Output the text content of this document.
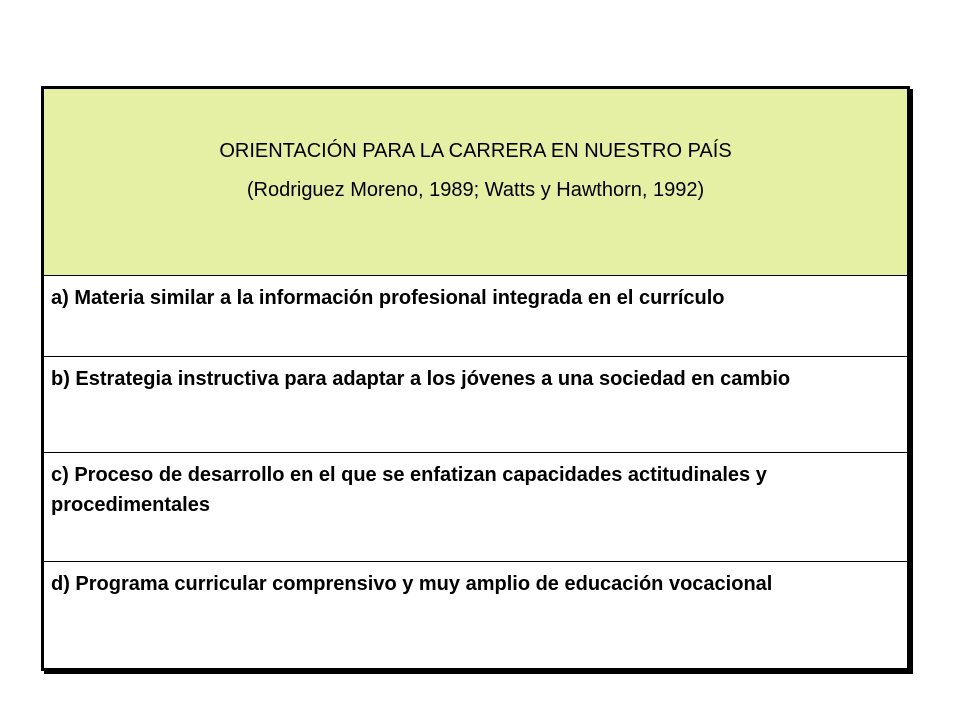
ORIENTACIÓN PARA LA CARRERA EN NUESTRO PAÍS
(Rodriguez Moreno, 1989; Watts y Hawthorn, 1992)
a) Materia similar a la información profesional integrada en el currículo
b) Estrategia instructiva para adaptar a los jóvenes a una sociedad en cambio
c) Proceso de desarrollo en el que se enfatizan capacidades actitudinales y procedimentales
d) Programa curricular comprensivo y muy amplio de educación vocacional
